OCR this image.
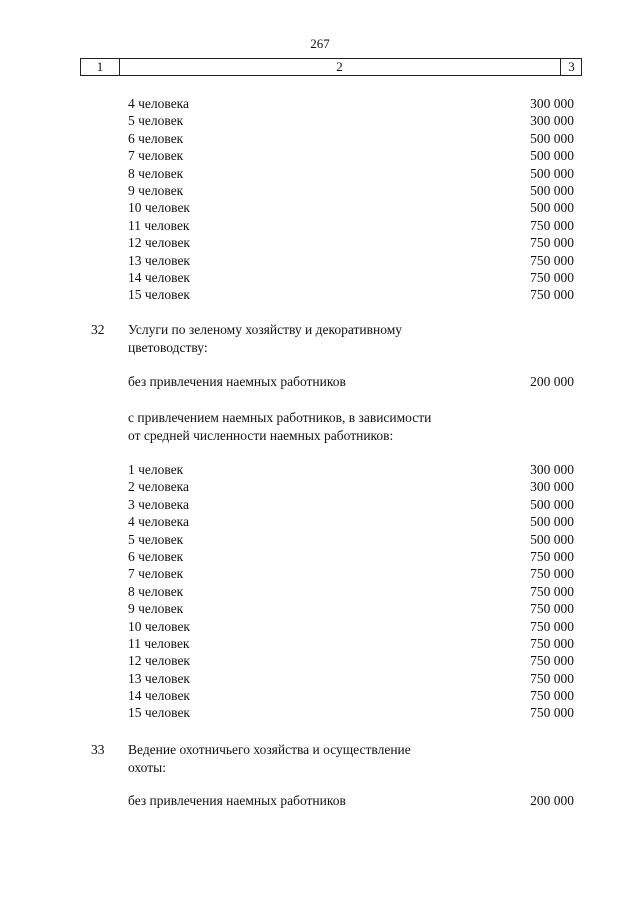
267
1	2	3
4 человека	300 000
5 человек	300 000
6 человек	500 000
7 человек	500 000
8 человек	500 000
9 человек	500 000
10 человек	500 000
11 человек	750 000
12 человек	750 000
13 человек	750 000
14 человек	750 000
15 человек	750 000
32 Услуги по зеленому хозяйству и декоративному
цветоводству:
без привлечения наемных работников	200 000
с привлечением наемных работников, в зависимости
от средней численности наемных работников:
1 человек	300 000
2 человека	300 000
3 человека	500 000
4 человека	500 000
5 человек	500 000
6 человек	750 000
7 человек	750 000
8 человек	750 000
9 человек	750 000
10 человек	750 000
11 человек	750 000
12 человек	750 000
13 человек	750 000
14 человек	750 000
15 человек	750 000
33 Ведение охотничьего хозяйства и осуществление
охоты:
без привлечения наемных работников	200 000
